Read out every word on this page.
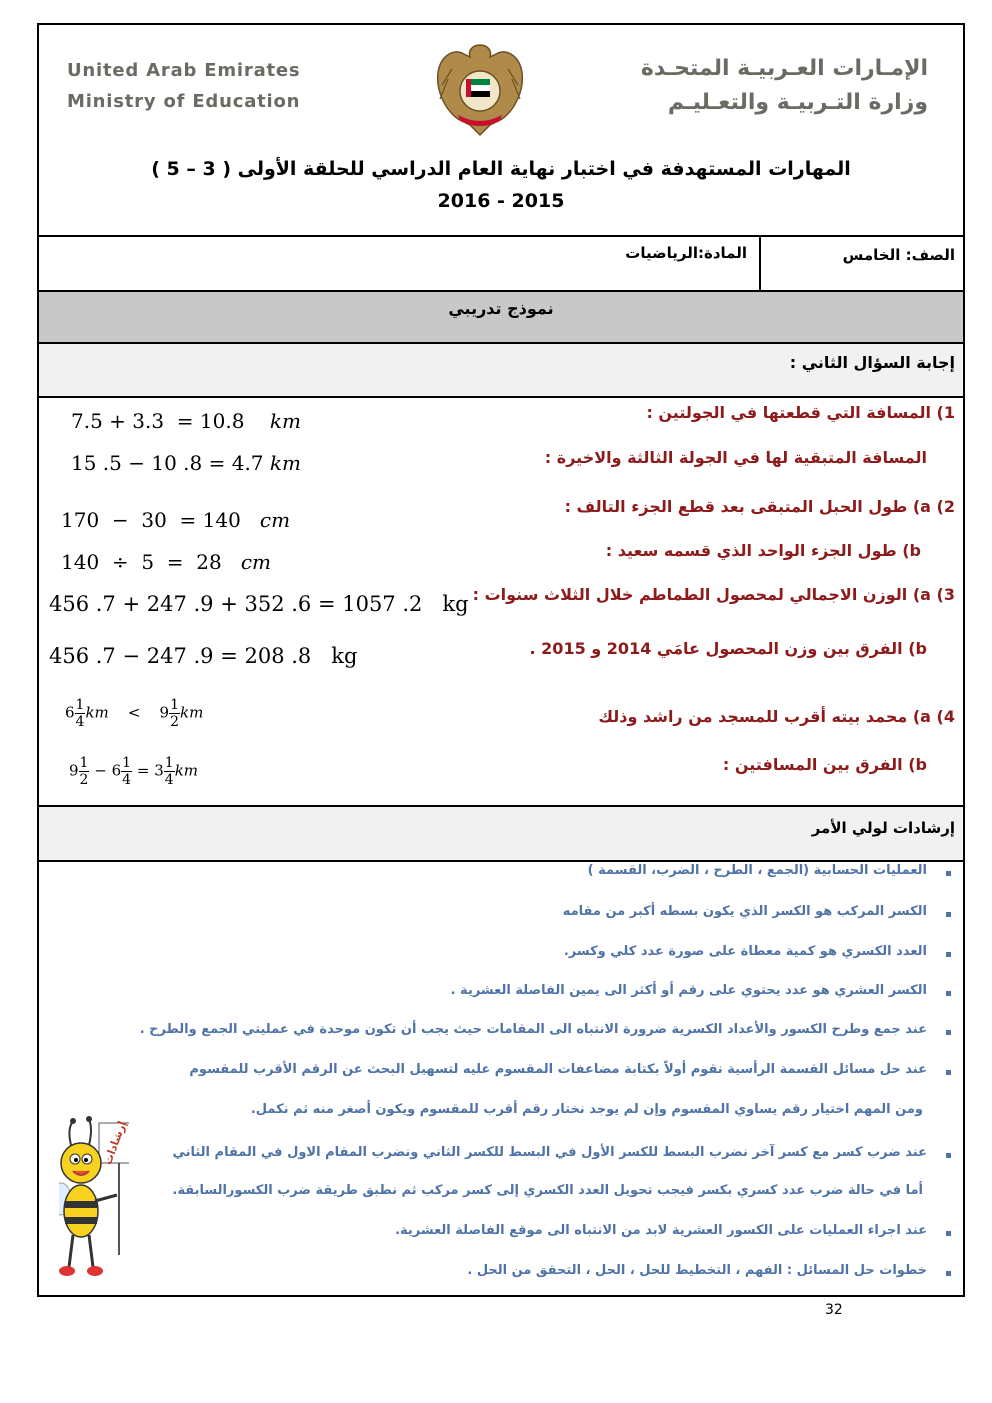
United Arab Emirates
Ministry of Education
الإمـارات العـربيـة المتحـدة
وزارة التـربيـة والتعـليـم
المهارات المستهدفة في اختبار نهاية العام الدراسي للحلقة الأولى ( 3 – 5 )
2016 - 2015
الصف: الخامس
المادة:الرياضيات
نموذج تدريبي
إجابة السؤال الثاني :
1) المسافة التي قطعتها في الجولتين :
المسافة المتبقية لها في الجولة الثالثة والاخيرة :
2) a) طول الحبل المتبقى بعد قطع الجزء التالف :
b) طول الجزء الواحد الذي قسمه سعيد :
3) a) الوزن الاجمالي لمحصول الطماطم خلال الثلاث سنوات :
b) الفرق بين وزن المحصول عامَي 2014 و 2015 .
4) a) محمد بيته أقرب للمسجد من راشد وذلك
b) الفرق بين المسافتين :
7.5 + 3.3  = 10.8 km
15 .5 − 10 .8 = 4.7 km
170  −  30  = 140 cm
140  ÷  5  =  28 cm
456 .7 + 247 .9 + 352 .6 = 1057 .2   kg
456 .7 − 247 .9 = 208 .8   kg
$6 \frac{1}{4}$ km < $9 \frac{1}{2}$ km
$9 \frac{1}{2} - 6 \frac{1}{4} = 3 \frac{1}{4}$ km
إرشادات لولي الأمر
العمليات الحسابية (الجمع ، الطرح ، الضرب، القسمة )
الكسر المركب هو الكسر الذي يكون بسطه أكبر من مقامه
العدد الكسري هو كمية معطاة على صورة عدد كلي وكسر.
الكسر العشري هو عدد يحتوي على رقم أو أكثر الى يمين الفاصلة العشرية .
عند جمع وطرح الكسور والأعداد الكسرية ضرورة الانتباه الى المقامات حيث يجب أن تكون موحدة في عمليتي الجمع والطرح .
عند حل مسائل القسمة الرأسية نقوم أولاً بكتابة مضاعفات المقسوم عليه لتسهيل البحث عن الرقم الأقرب للمقسوم
ومن المهم اختيار رقم يساوي المقسوم وإن لم يوجد نختار رقم أقرب للمقسوم ويكون أصغر منه ثم نكمل.
عند ضرب كسر مع كسر آخر نضرب البسط للكسر الأول في البسط للكسر الثاني ونضرب المقام الاول في المقام الثاني
أما في حالة ضرب عدد كسري بكسر فيجب تحويل العدد الكسري إلى كسر مركب ثم نطبق طريقة ضرب الكسورالسابقة.
عند اجراء العمليات على الكسور العشرية لابد من الانتباه الى موقع الفاصلة العشرية.
خطوات حل المسائل : الفهم ، التخطيط للحل ، الحل ، التحقق من الحل .
إرشادات
32
